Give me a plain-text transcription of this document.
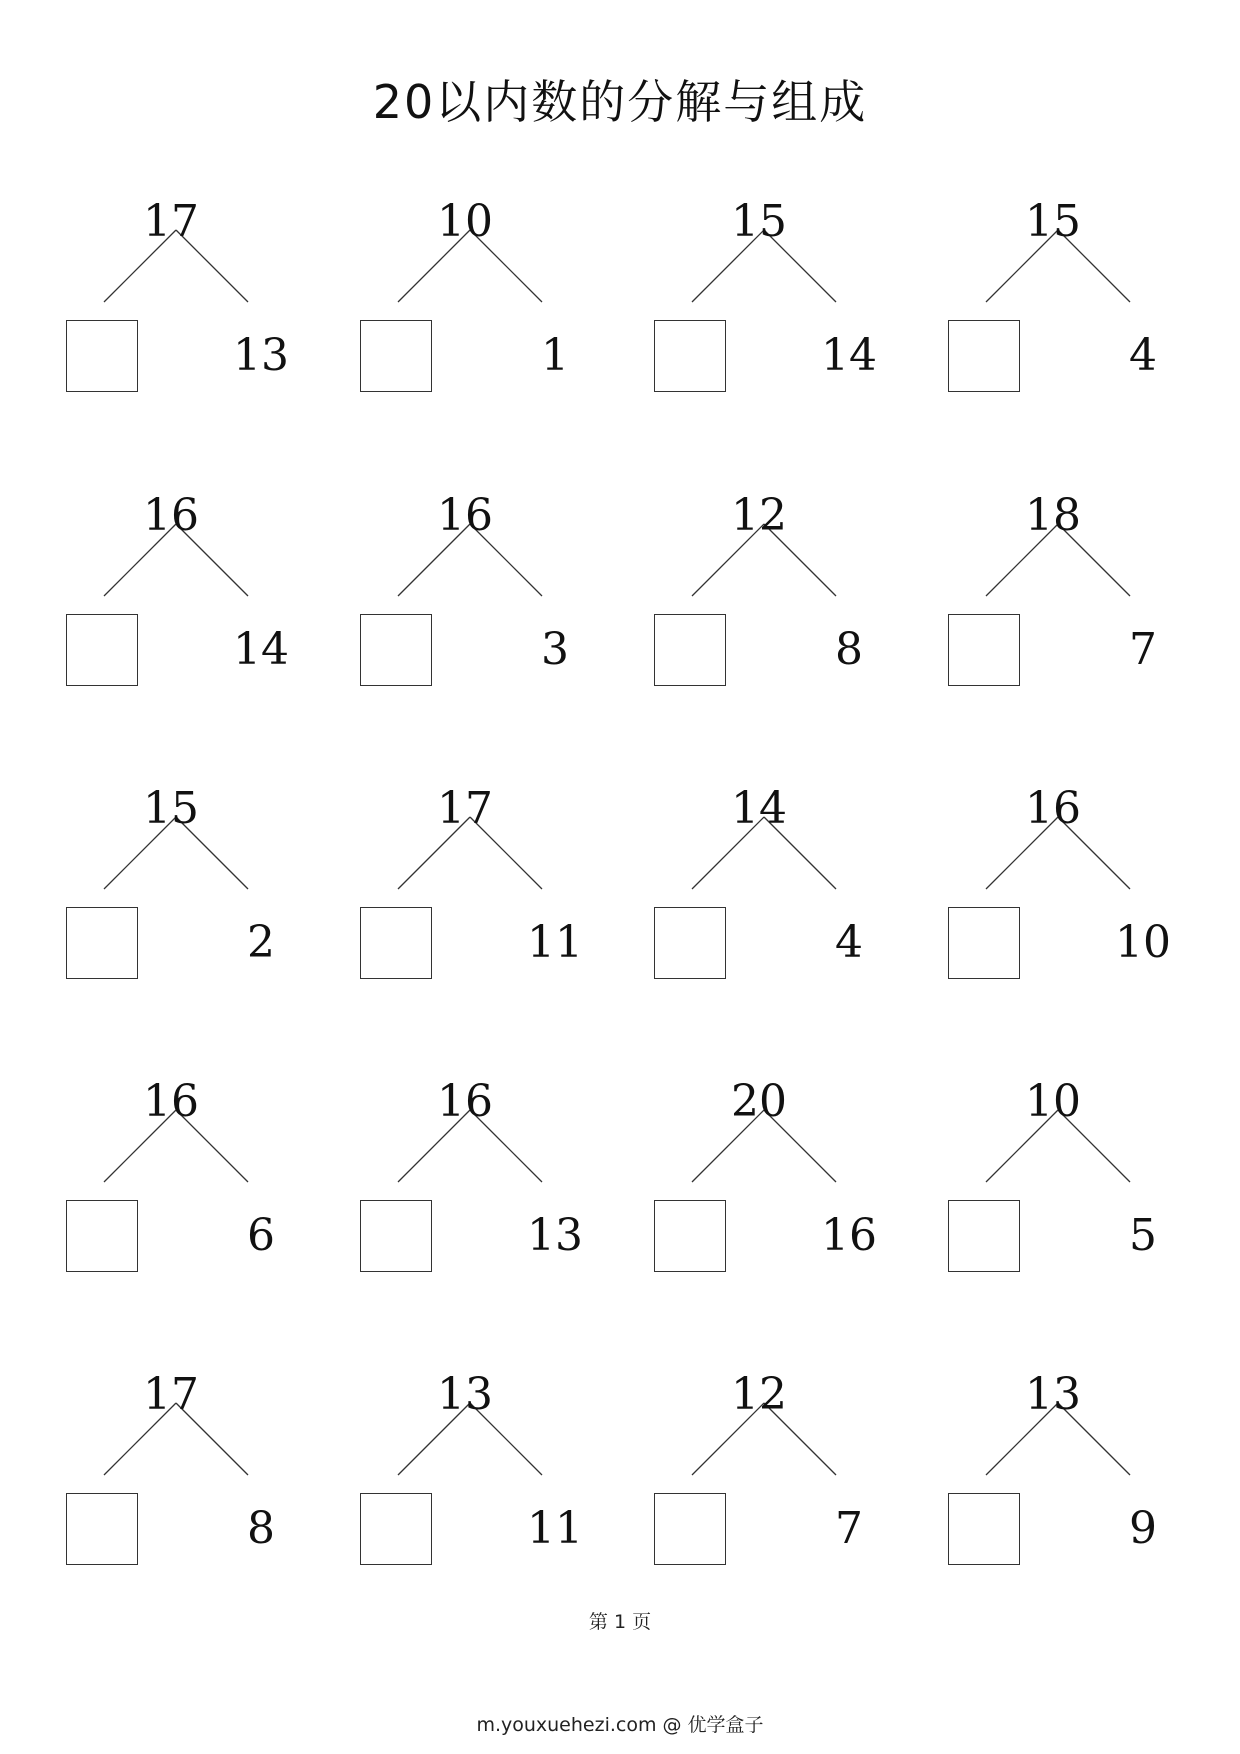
20以内数的分解与组成
17
13
10
1
15
14
15
4
16
14
16
3
12
8
18
7
15
2
17
11
14
4
16
10
16
6
16
13
20
16
10
5
17
8
13
11
12
7
13
9
第 1 页
m.youxuehezi.com @ 优学盒子
